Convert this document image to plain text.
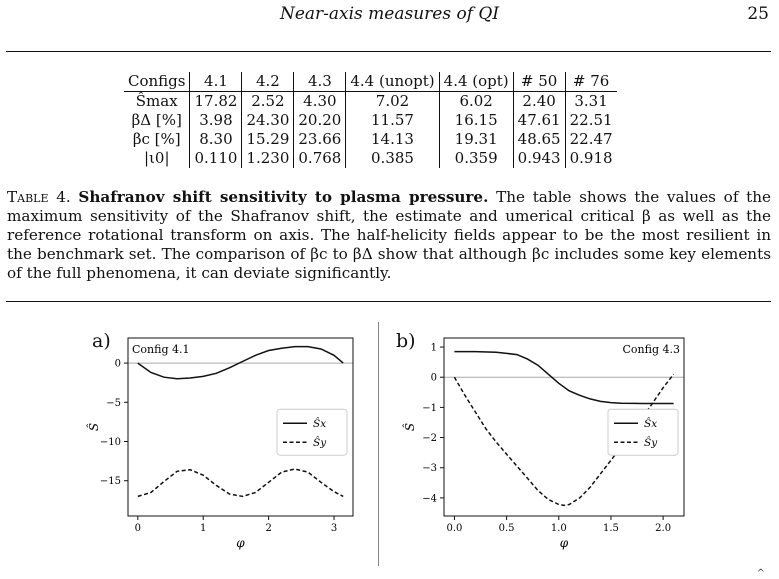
Near-axis measures of QI	25
Configs	4.1	4.2	4.3	4.4 (unopt)	4.4 (opt)	# 50	# 76
Ŝmax	17.82	2.52	4.30	7.02	6.02	2.40	3.31
βΔ [%]	3.98	24.30	20.20	11.57	16.15	47.61	22.51
βc [%]	8.30	15.29	23.66	14.13	19.31	48.65	22.47
|ι0|	0.110	1.230	0.768	0.385	0.359	0.943	0.918
Table 4. Shafranov shift sensitivity to plasma pressure. The table shows the values of the maximum sensitivity of the Shafranov shift, the estimate and umerical critical β as well as the reference rotational transform on axis. The half-helicity fields appear to be the most resilient in the benchmark set. The comparison of βc to βΔ show that although βc includes some key elements of the full phenomena, it can deviate significantly.
a)	b)
0	1	2	3
0
−5
−10
−15
φ
Ŝ
Config 4.1
Ŝx
Ŝy
0.0	0.5	1.0	1.5	2.0
1
0
−1
−2
−3
−4
φ
Ŝ
Config 4.3
Ŝx
Ŝy
^
